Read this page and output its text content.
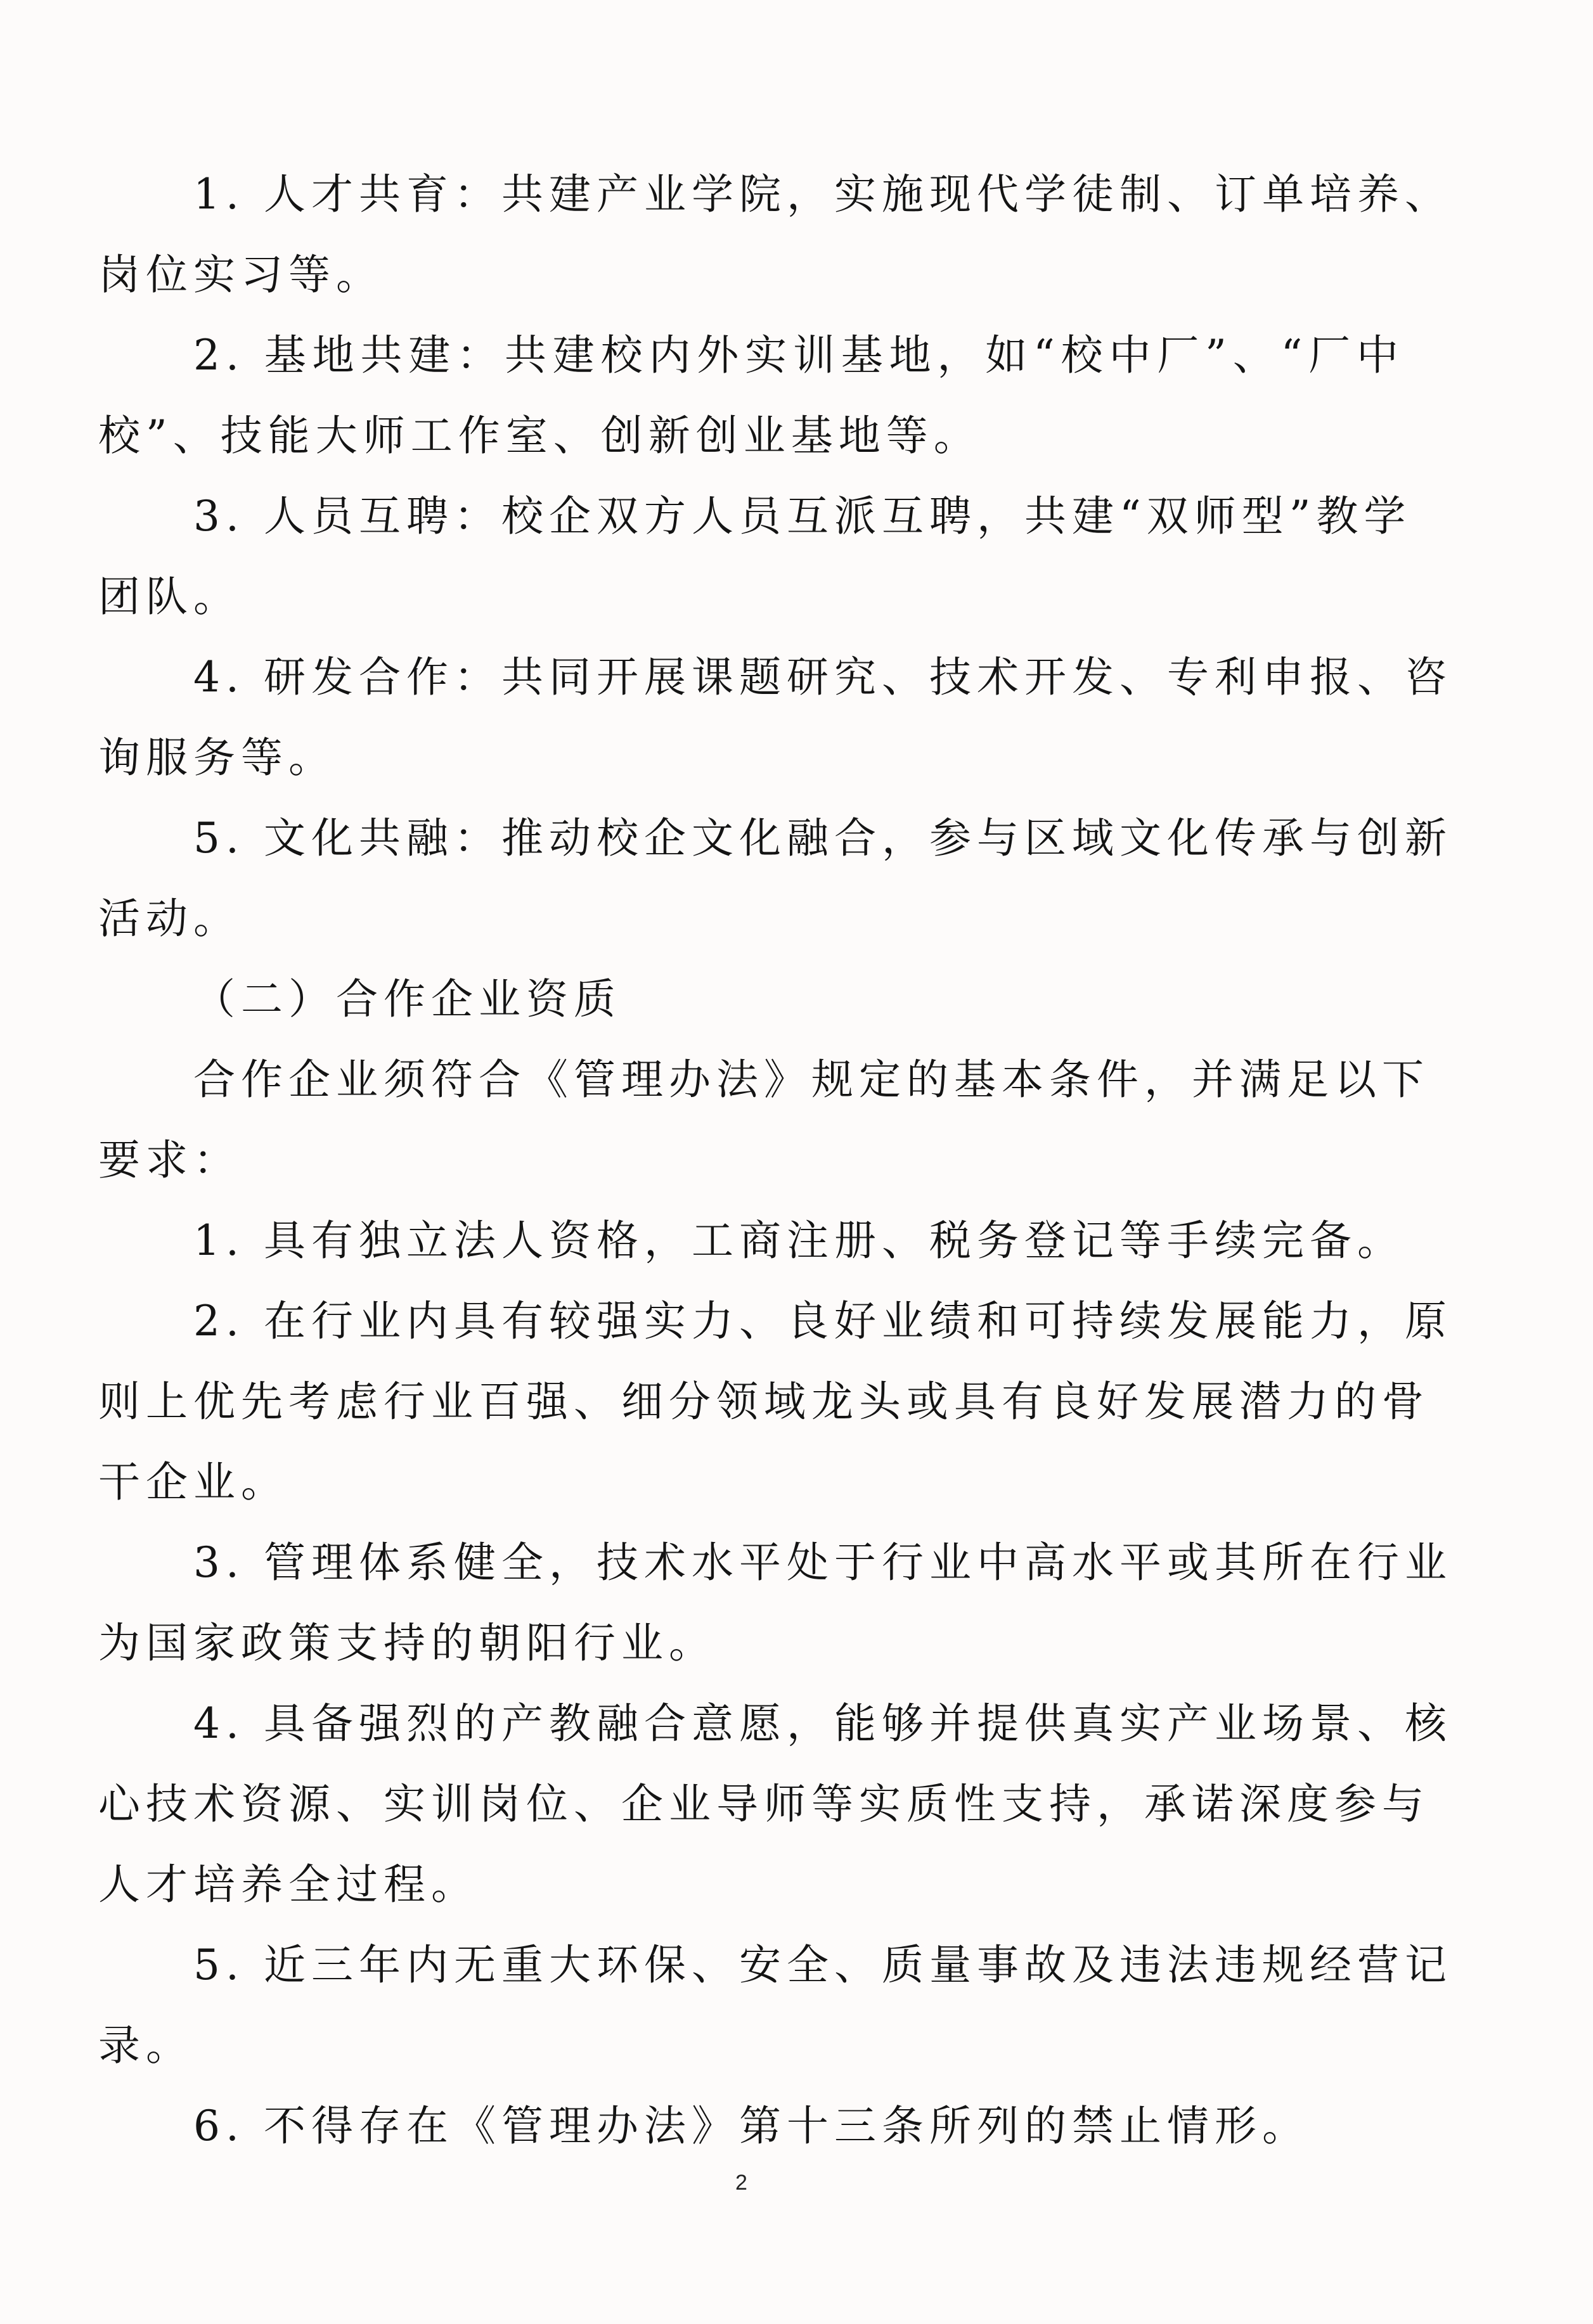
1. 人才共育：共建产业学院，实施现代学徒制、订单培养、
岗位实习等。
2. 基地共建：共建校内外实训基地，如“校中厂”、“厂中
校”、技能大师工作室、创新创业基地等。
3. 人员互聘：校企双方人员互派互聘，共建“双师型”教学
团队。
4. 研发合作：共同开展课题研究、技术开发、专利申报、咨
询服务等。
5. 文化共融：推动校企文化融合，参与区域文化传承与创新
活动。
（二）合作企业资质
合作企业须符合《管理办法》规定的基本条件，并满足以下
要求：
1. 具有独立法人资格，工商注册、税务登记等手续完备。
2. 在行业内具有较强实力、良好业绩和可持续发展能力，原
则上优先考虑行业百强、细分领域龙头或具有良好发展潜力的骨
干企业。
3. 管理体系健全，技术水平处于行业中高水平或其所在行业
为国家政策支持的朝阳行业。
4. 具备强烈的产教融合意愿，能够并提供真实产业场景、核
心技术资源、实训岗位、企业导师等实质性支持，承诺深度参与
人才培养全过程。
5. 近三年内无重大环保、安全、质量事故及违法违规经营记
录。
6. 不得存在《管理办法》第十三条所列的禁止情形。
2
